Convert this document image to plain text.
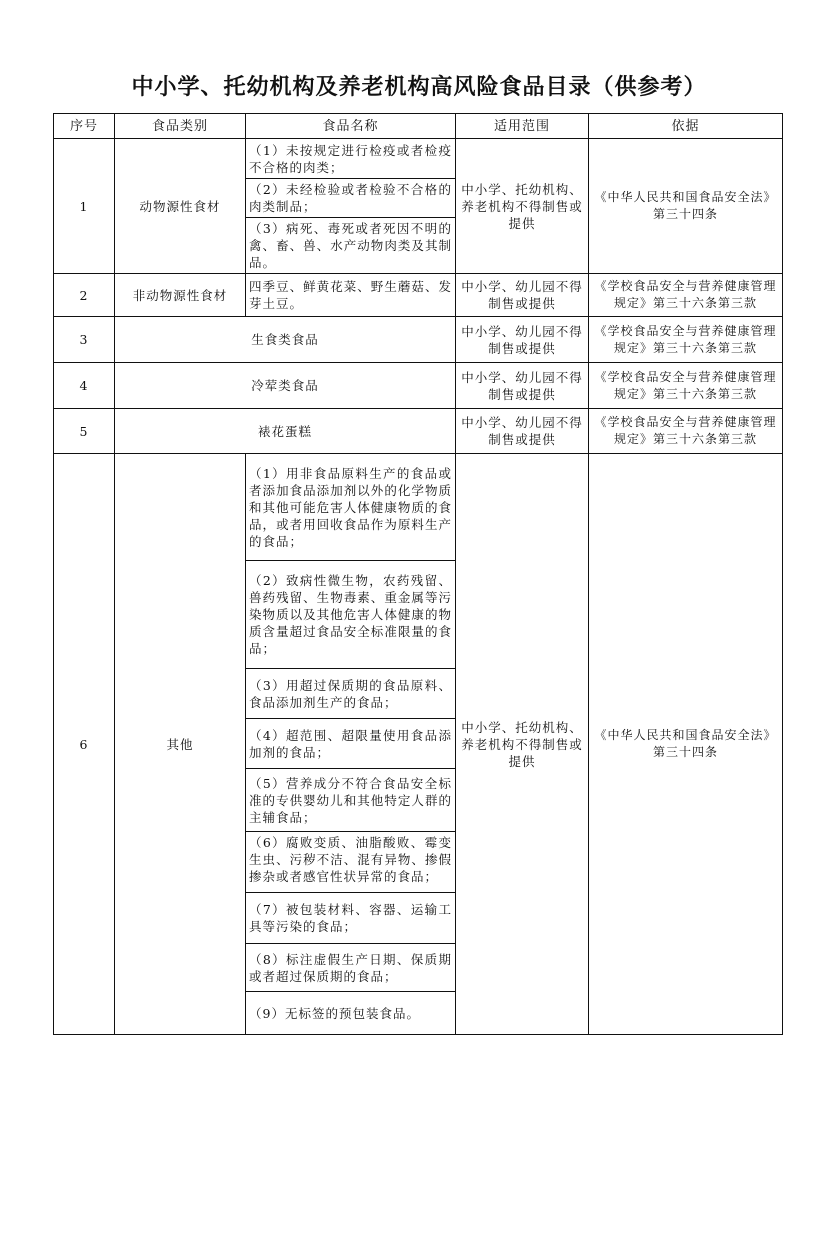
中小学、托幼机构及养老机构高风险食品目录（供参考）
序号	食品类别	食品名称	适用范围	依据
1	动物源性食材	（1）未按规定进行检疫或者检疫不合格的肉类；	中小学、托幼机构、养老机构不得制售或提供	《中华人民共和国食品安全法》第三十四条

		（2）未经检验或者检验不合格的肉类制品；		

		（3）病死、毒死或者死因不明的禽、畜、兽、水产动物肉类及其制品。		

2	非动物源性食材	四季豆、鲜黄花菜、野生蘑菇、发芽土豆。	中小学、幼儿园不得制售或提供	《学校食品安全与营养健康管理规定》第三十六条第三款
3	生食类食品		中小学、幼儿园不得制售或提供	《学校食品安全与营养健康管理规定》第三十六条第三款
4	冷荤类食品		中小学、幼儿园不得制售或提供	《学校食品安全与营养健康管理规定》第三十六条第三款
5	裱花蛋糕		中小学、幼儿园不得制售或提供	《学校食品安全与营养健康管理规定》第三十六条第三款
6	其他	（1）用非食品原料生产的食品或者添加食品添加剂以外的化学物质和其他可能危害人体健康物质的食品，或者用回收食品作为原料生产的食品；	中小学、托幼机构、养老机构不得制售或提供	《中华人民共和国食品安全法》第三十四条
		（2）致病性微生物，农药残留、兽药残留、生物毒素、重金属等污染物质以及其他危害人体健康的物质含量超过食品安全标准限量的食品；		
		（3）用超过保质期的食品原料、食品添加剂生产的食品；		
		（4）超范围、超限量使用食品添加剂的食品；		
		（5）营养成分不符合食品安全标准的专供婴幼儿和其他特定人群的主辅食品；		

		（6）腐败变质、油脂酸败、霉变生虫、污秽不洁、混有异物、掺假掺杂或者感官性状异常的食品；		

		（7）被包装材料、容器、运输工具等污染的食品；		
		（8）标注虚假生产日期、保质期或者超过保质期的食品；		
		（9）无标签的预包装食品。		
